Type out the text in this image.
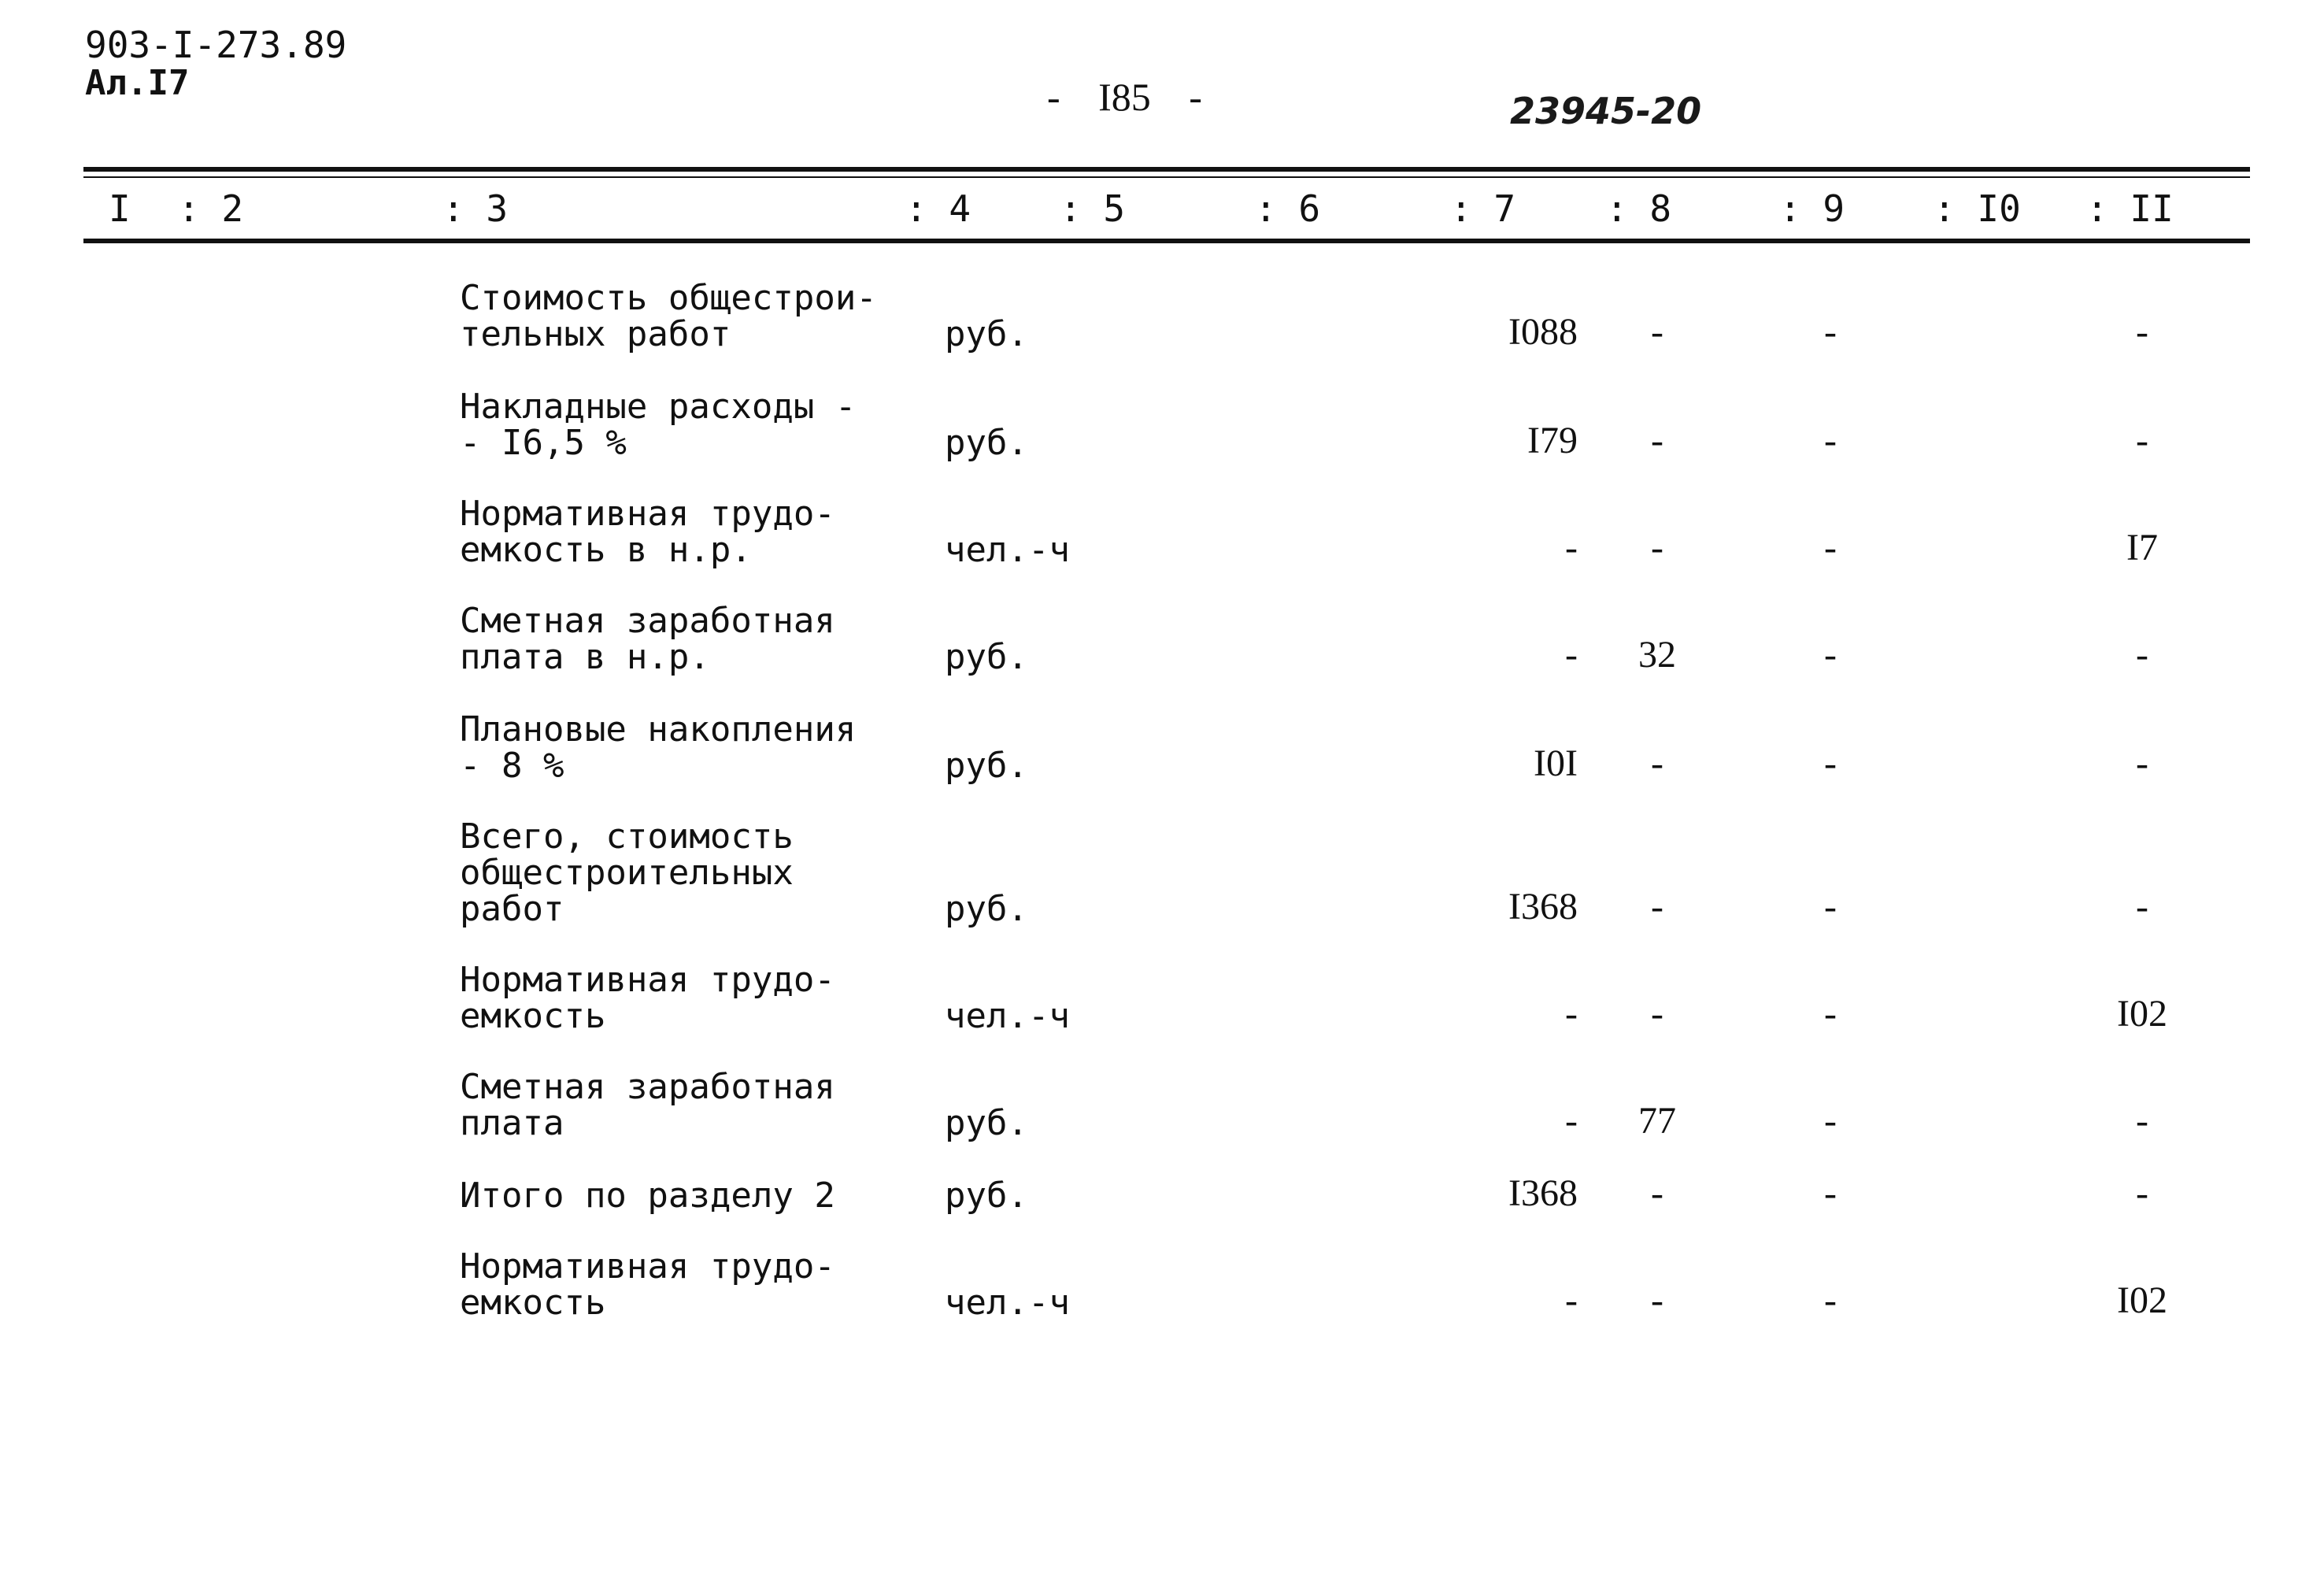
903-I-273.89
Ал.I7	- I85 -	23945-20
I : 2	: 3	: 4 : 5	: 6	: 7 : 8	: 9 : I0 : II
Стоимость общестрои-
тельных работ	руб.	I088	-	-	-
Накладные расходы -
- I6,5 %	руб.	I79	-	-	-
Нормативная трудо-
емкость в н.р.	чел.-ч	-	-	-	I7
Сметная заработная
плата в н.р.	руб.	- 32	-	-
Плановые накопления
- 8 %	руб.	I0I	-	-	-
Всего, стоимость
общестроительных
работ	руб.	I368	-	-	-
Нормативная трудо-
емкость	чел.-ч	-	-	-	I02
Сметная заработная
плата	руб.	- 77	-	-
Итого по разделу 2	руб.	I368	-	-	-
Нормативная трудо-
емкость	чел.-ч	-	-	-	I02
